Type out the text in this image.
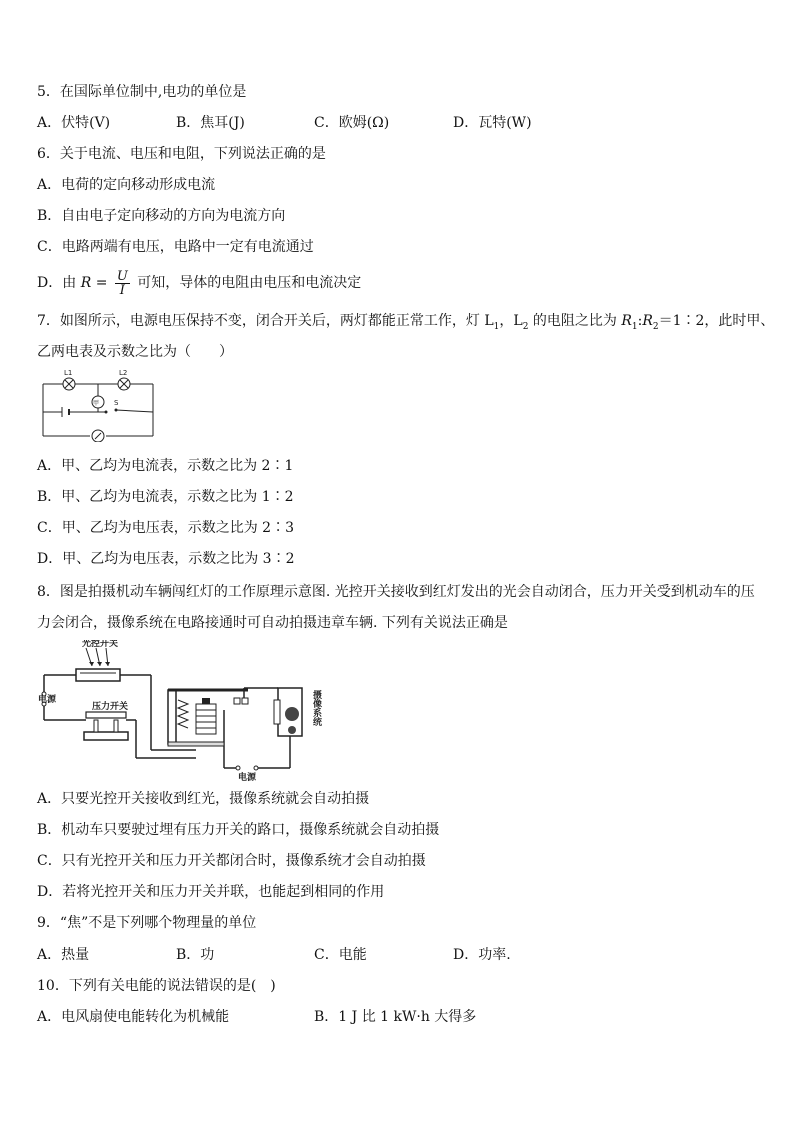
5．在国际单位制中,电功的单位是
A．伏特(V)	B．焦耳(J)	C．欧姆(Ω)	D．瓦特(W)
6．关于电流、电压和电阻，下列说法正确的是
A．电荷的定向移动形成电流
B．自由电子定向移动的方向为电流方向
C．电路两端有电压，电路中一定有电流通过
D．由 $R = \frac{U}{I}$ 可知，导体的电阻由电压和电流决定
7．如图所示，电源电压保持不变，闭合开关后，两灯都能正常工作，灯 $L_1$，$L_2$ 的电阻之比为 $R_1:R_2=1∶2$，此时甲、
乙两电表及示数之比为（　　）
L1	L2
甲 S
A．甲、乙均为电流表，示数之比为 2∶1
B．甲、乙均为电流表，示数之比为 1∶2
C．甲、乙均为电压表，示数之比为 2∶3
D．甲、乙均为电压表，示数之比为 3∶2
8．图是拍摄机动车辆闯红灯的工作原理示意图. 光控开关接收到红灯发出的光会自动闭合，压力开关受到机动车的压
力会闭合，摄像系统在电路接通时可自动拍摄违章车辆. 下列有关说法正确是
光控开关
电源
压力开关	摄像系统
电源
A．只要光控开关接收到红光，摄像系统就会自动拍摄
B．机动车只要驶过埋有压力开关的路口，摄像系统就会自动拍摄
C．只有光控开关和压力开关都闭合时，摄像系统才会自动拍摄
D．若将光控开关和压力开关并联，也能起到相同的作用
9．“焦”不是下列哪个物理量的单位
A．热量	B．功	C．电能	D．功率.
10．下列有关电能的说法错误的是(　)
A．电风扇使电能转化为机械能	B．1 J 比 1 kW·h 大得多
